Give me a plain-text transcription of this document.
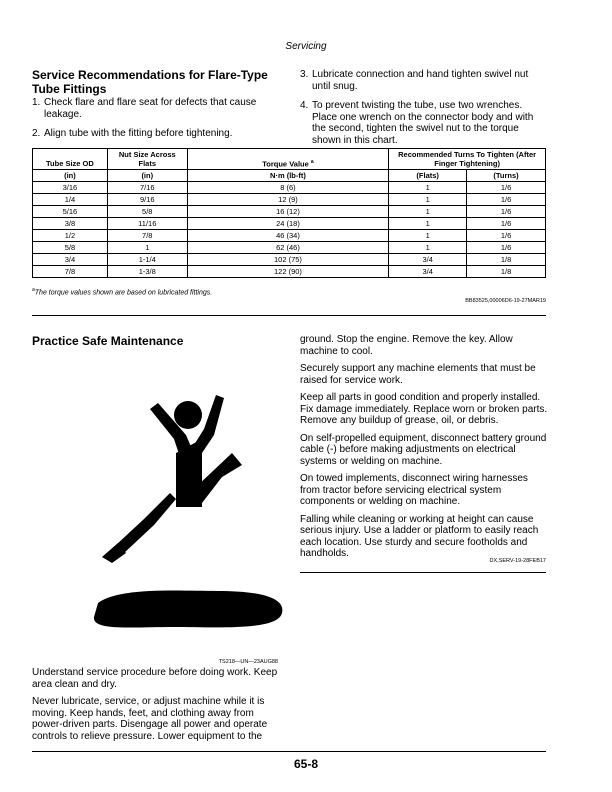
Servicing
Service Recommendations for Flare-Type
Tube Fittings
1. Check flare and flare seat for defects that cause leakage.
2. Align tube with the fitting before tightening.
3. Lubricate connection and hand tighten swivel nut until snug.
4. To prevent twisting the tube, use two wrenches. Place one wrench on the connector body and with the second, tighten the swivel nut to the torque shown in this chart.
Tube Size OD	Nut Size Across Flats	Torque Value $^a$	Recommended Turns To Tighten (After Finger Tightening)	
(in)	(in)	N·m (lb-ft)	(Flats)	(Turns)
3/16	7/16	8 (6)	1	1/6
1/4	9/16	12 (9)	1	1/6
5/16	5/8	16 (12)	1	1/6
3/8	11/16	24 (18)	1	1/6
1/2	7/8	46 (34)	1	1/6
5/8	1	62 (46)	1	1/6
3/4	1-1/4	102 (75)	3/4	1/8
7/8	1-3/8	122 (90)	3/4	1/8
$^a$The torque values shown are based on lubricated fittings.
BB83525,00006D6-19-27MAR19
Practice Safe Maintenance
TS218—UN—23AUG88

Understand service procedure before doing work. Keep area clean and dry.

Never lubricate, service, or adjust machine while it is moving. Keep hands, feet, and clothing away from power-driven parts. Disengage all power and operate controls to relieve pressure. Lower equipment to the

ground. Stop the engine. Remove the key. Allow machine to cool.

Securely support any machine elements that must be raised for service work.

Keep all parts in good condition and properly installed. Fix damage immediately. Replace worn or broken parts. Remove any buildup of grease, oil, or debris.

On self-propelled equipment, disconnect battery ground cable (-) before making adjustments on electrical systems or welding on machine.

On towed implements, disconnect wiring harnesses from tractor before servicing electrical system components or welding on machine.

Falling while cleaning or working at height can cause serious injury. Use a ladder or platform to easily reach each location. Use sturdy and secure footholds and handholds.

DX,SERV-19-28FEB17
65-8
